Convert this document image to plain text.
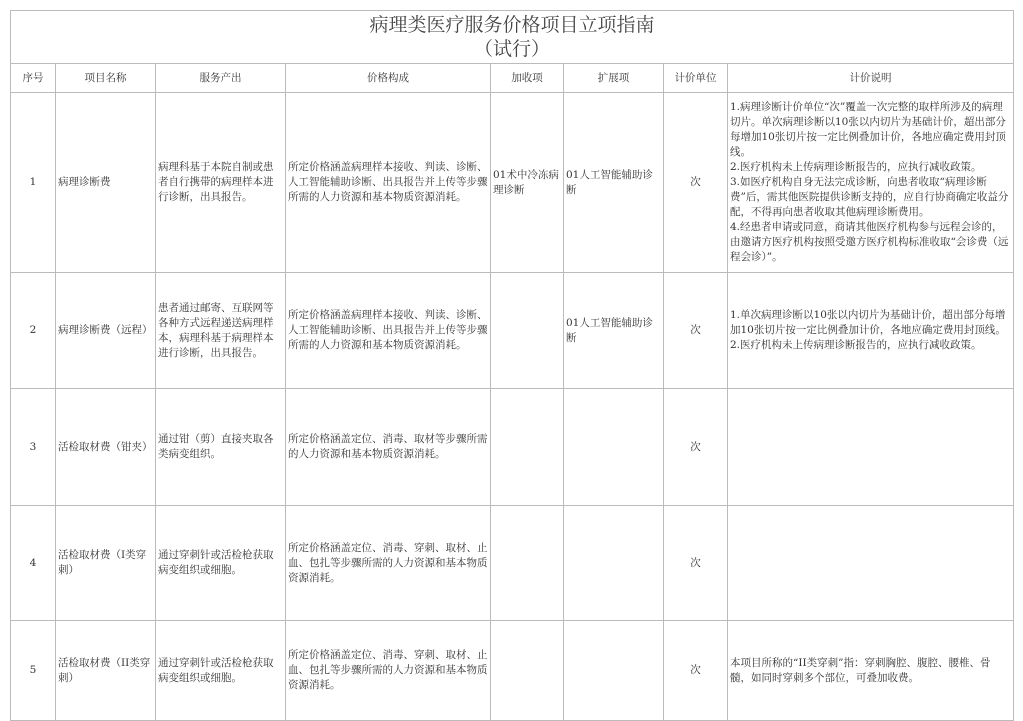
病理类医疗服务价格项目立项指南
（试行）							

序号	项目名称	服务产出	价格构成	加收项	扩展项	计价单位	计价说明
1	病理诊断费	病理科基于本院自制或患者自行携带的病理样本进行诊断，出具报告。	所定价格涵盖病理样本接收、判读、诊断、人工智能辅助诊断、出具报告并上传等步骤所需的人力资源和基本物质资源消耗。	01术中冷冻病理诊断	01人工智能辅助诊断	次	1.病理诊断计价单位“次”覆盖一次完整的取样所涉及的病理切片。单次病理诊断以10张以内切片为基础计价，超出部分每增加10张切片按一定比例叠加计价，各地应确定费用封顶线。
2.医疗机构未上传病理诊断报告的，应执行减收政策。
3.如医疗机构自身无法完成诊断，向患者收取“病理诊断费”后，需其他医院提供诊断支持的，应自行协商确定收益分配，不得再向患者收取其他病理诊断费用。
4.经患者申请或同意，商请其他医疗机构参与远程会诊的，由邀请方医疗机构按照受邀方医疗机构标准收取“会诊费（远程会诊）”。
2	病理诊断费（远程）	患者通过邮寄、互联网等各种方式远程递送病理样本，病理科基于病理样本进行诊断，出具报告。	所定价格涵盖病理样本接收、判读、诊断、人工智能辅助诊断、出具报告并上传等步骤所需的人力资源和基本物质资源消耗。		01人工智能辅助诊断	次	1.单次病理诊断以10张以内切片为基础计价，超出部分每增加10张切片按一定比例叠加计价，各地应确定费用封顶线。
2.医疗机构未上传病理诊断报告的，应执行减收政策。
3	活检取材费（钳夹）	通过钳（剪）直接夹取各类病变组织。	所定价格涵盖定位、消毒、取材等步骤所需的人力资源和基本物质资源消耗。			次	
4	活检取材费（I类穿刺）	通过穿刺针或活检枪获取病变组织或细胞。	所定价格涵盖定位、消毒、穿刺、取材、止血、包扎等步骤所需的人力资源和基本物质资源消耗。			次	
5	活检取材费（II类穿刺）	通过穿刺针或活检枪获取病变组织或细胞。	所定价格涵盖定位、消毒、穿刺、取材、止血、包扎等步骤所需的人力资源和基本物质资源消耗。			次	本项目所称的“II类穿刺”指：穿刺胸腔、腹腔、腰椎、骨髓，如同时穿刺多个部位，可叠加收费。
